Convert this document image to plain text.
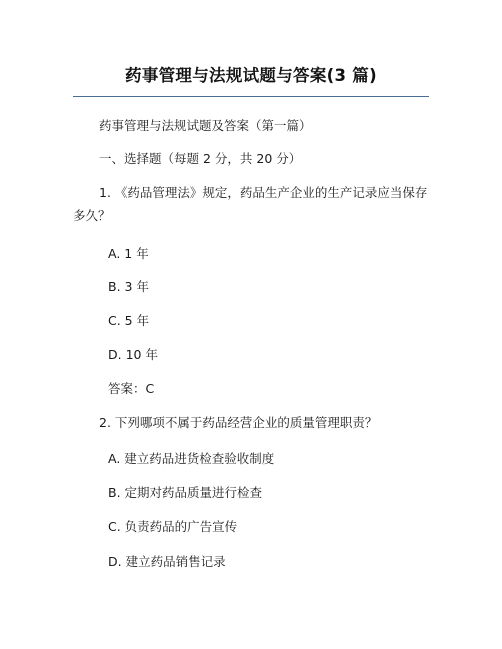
药事管理与法规试题与答案(3 篇)
药事管理与法规试题及答案（第一篇）
一、选择题（每题 2 分，共 20 分）
1. 《药品管理法》规定，药品生产企业的生产记录应当保存多久？
A. 1 年
B. 3 年
C. 5 年
D. 10 年
答案：C
2. 下列哪项不属于药品经营企业的质量管理职责？
A. 建立药品进货检查验收制度
B. 定期对药品质量进行检查
C. 负责药品的广告宣传
D. 建立药品销售记录
